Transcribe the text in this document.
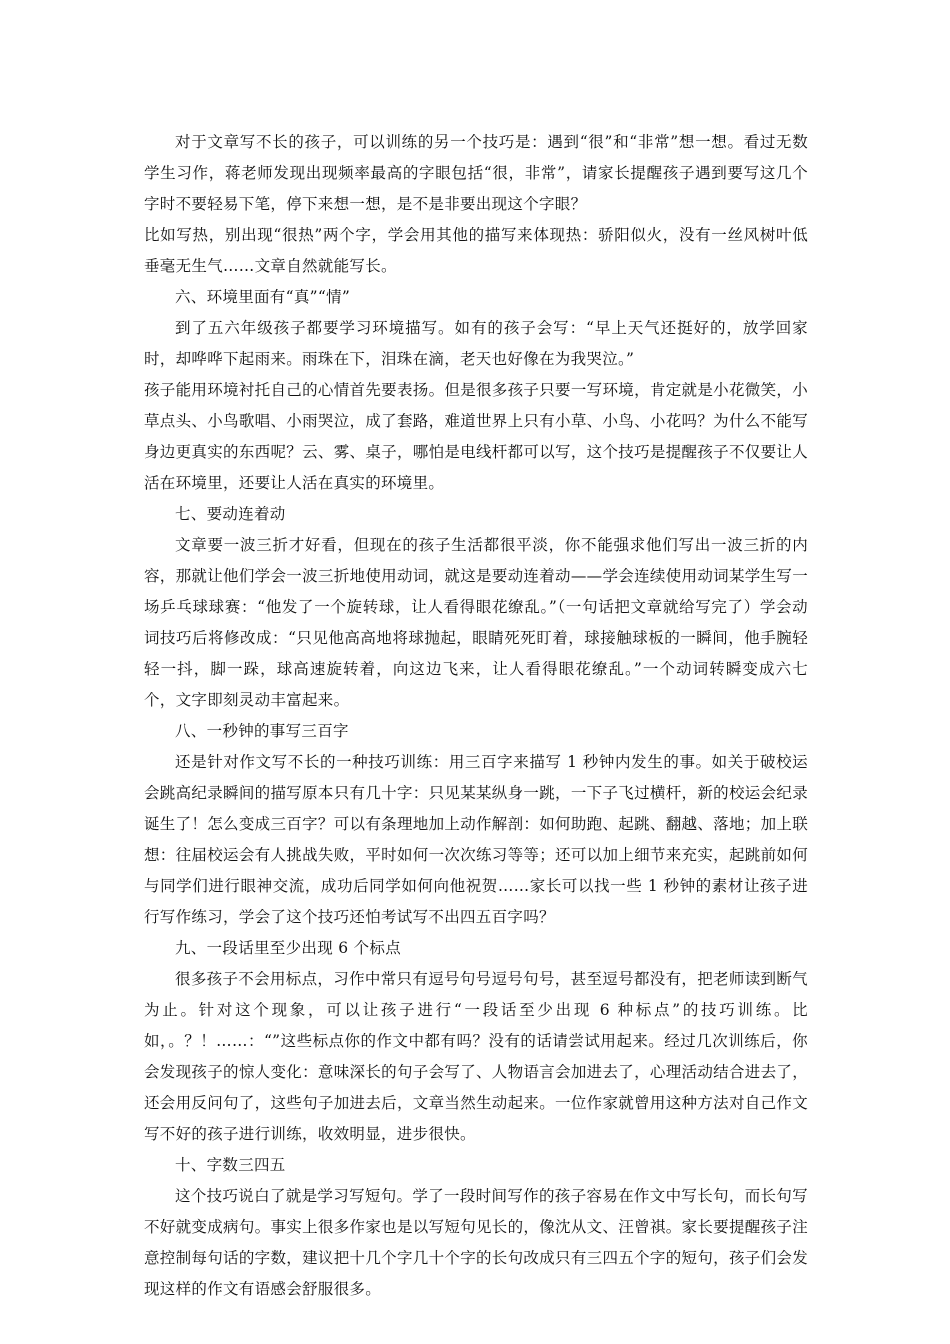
对于文章写不长的孩子，可以训练的另一个技巧是：遇到“很”和“非常”想一想。看过无数学生习作，蒋老师发现出现频率最高的字眼包括“很，非常”，请家长提醒孩子遇到要写这几个字时不要轻易下笔，停下来想一想，是不是非要出现这个字眼？

比如写热，别出现“很热”两个字，学会用其他的描写来体现热：骄阳似火，没有一丝风树叶低垂毫无生气……文章自然就能写长。

六、环境里面有“真”“情”

到了五六年级孩子都要学习环境描写。如有的孩子会写：“早上天气还挺好的，放学回家时，却哗哗下起雨来。雨珠在下，泪珠在滴，老天也好像在为我哭泣。”

孩子能用环境衬托自己的心情首先要表扬。但是很多孩子只要一写环境，肯定就是小花微笑，小草点头、小鸟歌唱、小雨哭泣，成了套路，难道世界上只有小草、小鸟、小花吗？为什么不能写身边更真实的东西呢？云、雾、桌子，哪怕是电线杆都可以写，这个技巧是提醒孩子不仅要让人活在环境里，还要让人活在真实的环境里。

七、要动连着动

文章要一波三折才好看，但现在的孩子生活都很平淡，你不能强求他们写出一波三折的内容，那就让他们学会一波三折地使用动词，就这是要动连着动——学会连续使用动词某学生写一场乒乓球球赛：“他发了一个旋转球，让人看得眼花缭乱。”（一句话把文章就给写完了）学会动词技巧后将修改成：“只见他高高地将球抛起，眼睛死死盯着，球接触球板的一瞬间，他手腕轻轻一抖，脚一跺，球高速旋转着，向这边飞来，让人看得眼花缭乱。”一个动词转瞬变成六七个，文字即刻灵动丰富起来。

八、一秒钟的事写三百字

还是针对作文写不长的一种技巧训练：用三百字来描写 1 秒钟内发生的事。如关于破校运会跳高纪录瞬间的描写原本只有几十字：只见某某纵身一跳，一下子飞过横杆，新的校运会纪录诞生了！怎么变成三百字？可以有条理地加上动作解剖：如何助跑、起跳、翻越、落地；加上联想：往届校运会有人挑战失败，平时如何一次次练习等等；还可以加上细节来充实，起跳前如何与同学们进行眼神交流，成功后同学如何向他祝贺……家长可以找一些 1 秒钟的素材让孩子进行写作练习，学会了这个技巧还怕考试写不出四五百字吗？

九、一段话里至少出现 6 个标点

很多孩子不会用标点，习作中常只有逗号句号逗号句号，甚至逗号都没有，把老师读到断气为止。针对这个现象，可以让孩子进行“一段话至少出现 6 种标点”的技巧训练。比如，。？！……：“”这些标点你的作文中都有吗？没有的话请尝试用起来。经过几次训练后，你会发现孩子的惊人变化：意味深长的句子会写了、人物语言会加进去了，心理活动结合进去了，还会用反问句了，这些句子加进去后，文章当然生动起来。一位作家就曾用这种方法对自己作文写不好的孩子进行训练，收效明显，进步很快。

十、字数三四五

这个技巧说白了就是学习写短句。学了一段时间写作的孩子容易在作文中写长句，而长句写不好就变成病句。事实上很多作家也是以写短句见长的，像沈从文、汪曾祺。家长要提醒孩子注意控制每句话的字数，建议把十几个字几十个字的长句改成只有三四五个字的短句，孩子们会发现这样的作文有语感会舒服很多。
